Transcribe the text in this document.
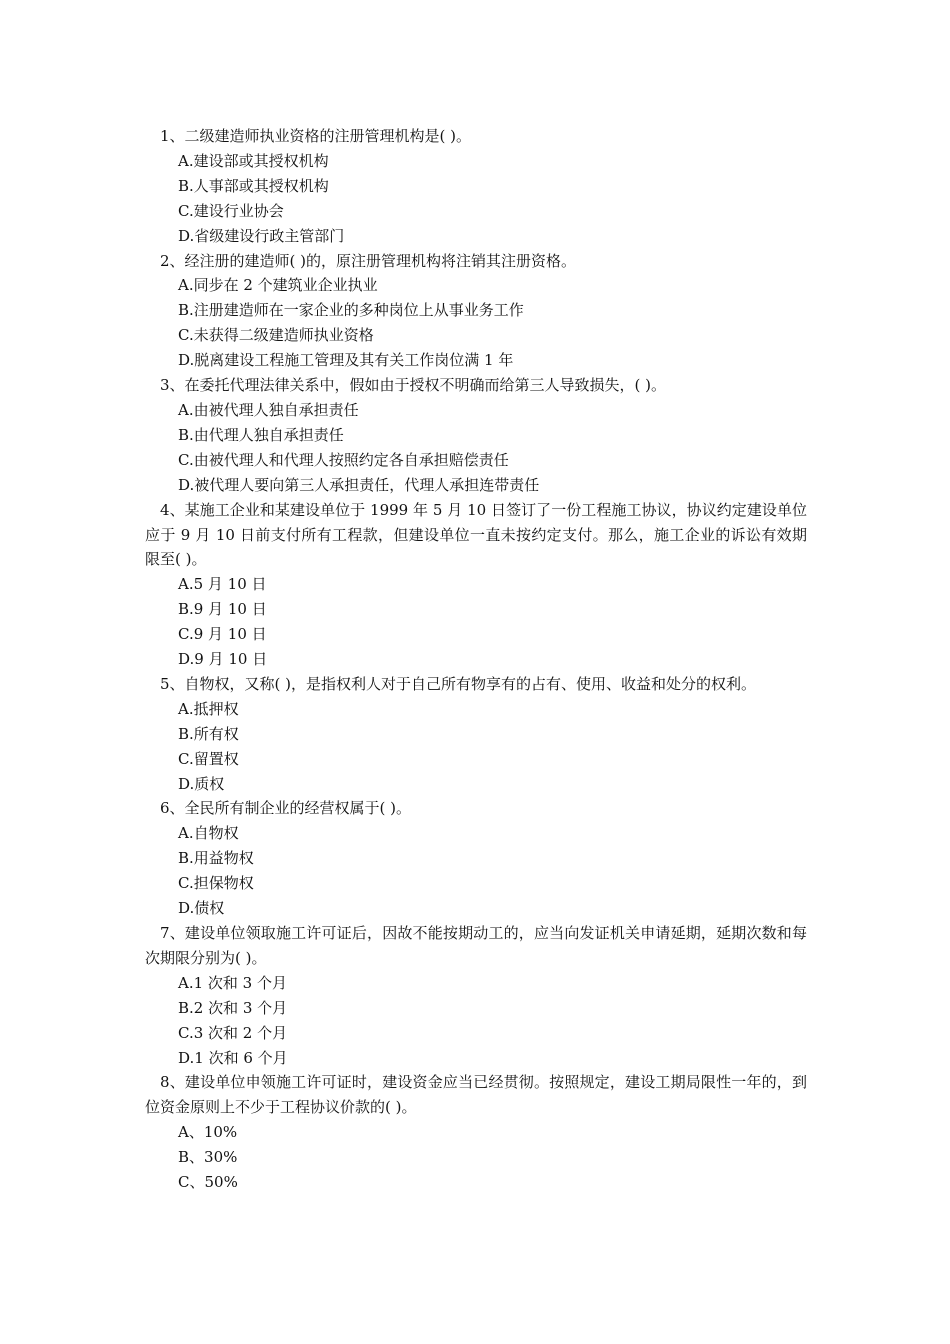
1、二级建造师执业资格的注册管理机构是( )。

A.建设部或其授权机构

B.人事部或其授权机构

C.建设行业协会

D.省级建设行政主管部门

2、经注册的建造师( )的，原注册管理机构将注销其注册资格。

A.同步在 2 个建筑业企业执业

B.注册建造师在一家企业的多种岗位上从事业务工作

C.未获得二级建造师执业资格

D.脱离建设工程施工管理及其有关工作岗位满 1 年

3、在委托代理法律关系中，假如由于授权不明确而给第三人导致损失，( )。

A.由被代理人独自承担责任

B.由代理人独自承担责任

C.由被代理人和代理人按照约定各自承担赔偿责任

D.被代理人要向第三人承担责任，代理人承担连带责任

4、某施工企业和某建设单位于 1999 年 5 月 10 日签订了一份工程施工协议，协议约定建设单位应于 9 月 10 日前支付所有工程款，但建设单位一直未按约定支付。那么，施工企业的诉讼有效期限至( )。

A.5 月 10 日

B.9 月 10 日

C.9 月 10 日

D.9 月 10 日

5、自物权，又称( )，是指权利人对于自己所有物享有的占有、使用、收益和处分的权利。

A.抵押权

B.所有权

C.留置权

D.质权

6、全民所有制企业的经营权属于( )。

A.自物权

B.用益物权

C.担保物权

D.债权

7、建设单位领取施工许可证后，因故不能按期动工的，应当向发证机关申请延期，延期次数和每次期限分别为( )。

A.1 次和 3 个月

B.2 次和 3 个月

C.3 次和 2 个月

D.1 次和 6 个月

8、建设单位申领施工许可证时，建设资金应当已经贯彻。按照规定，建设工期局限性一年的，到位资金原则上不少于工程协议价款的( )。

A、10%

B、30%

C、50%
